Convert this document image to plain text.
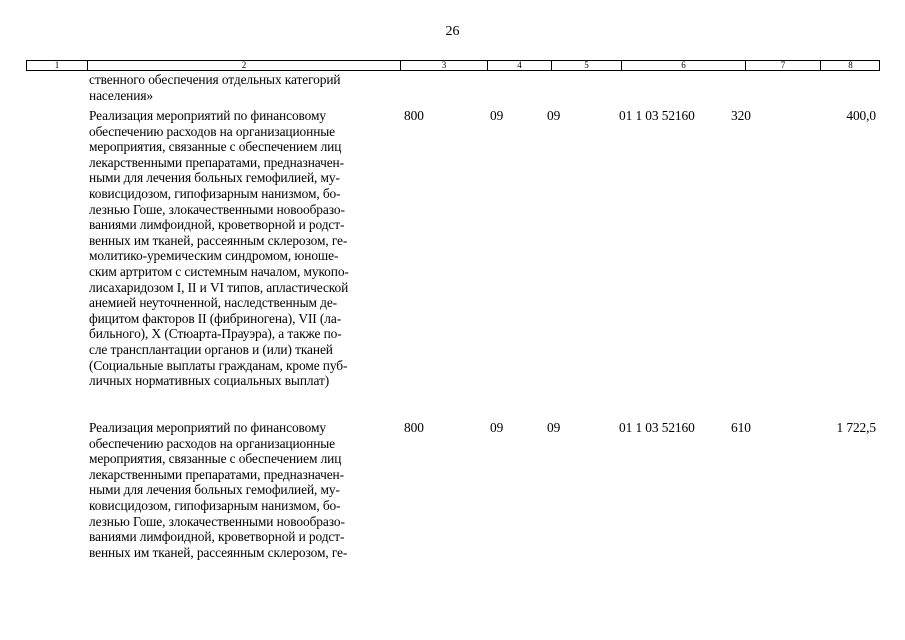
26
1	2	3	4	5	6	7	8
ственного обеспечения отдельных категорий
населения»
Реализация мероприятий по финансовому
обеспечению расходов на организационные
мероприятия, связанные с обеспечением лиц
лекарственными препаратами, предназначен-
ными для лечения больных гемофилией, му-
ковисцидозом, гипофизарным нанизмом, бо-
лезнью Гоше, злокачественными новообразо-
ваниями лимфоидной, кроветворной и родст-
венных им тканей, рассеянным склерозом, ге-
молитико-уремическим синдромом, юноше-
ским артритом с системным началом, мукопо-
лисахаридозом I, II и VI типов, апластической
анемией неуточненной, наследственным де-
фицитом факторов II (фибриногена), VII (ла-
бильного), X (Стюарта-Прауэра), а также по-
сле трансплантации органов и (или) тканей
(Социальные выплаты гражданам, кроме пуб-
личных нормативных социальных выплат)
800	09	09	01 1 03 52160	320	400,0
Реализация мероприятий по финансовому
обеспечению расходов на организационные
мероприятия, связанные с обеспечением лиц
лекарственными препаратами, предназначен-
ными для лечения больных гемофилией, му-
ковисцидозом, гипофизарным нанизмом, бо-
лезнью Гоше, злокачественными новообразо-
ваниями лимфоидной, кроветворной и родст-
венных им тканей, рассеянным склерозом, ге-
800	09	09	01 1 03 52160	610	1 722,5
